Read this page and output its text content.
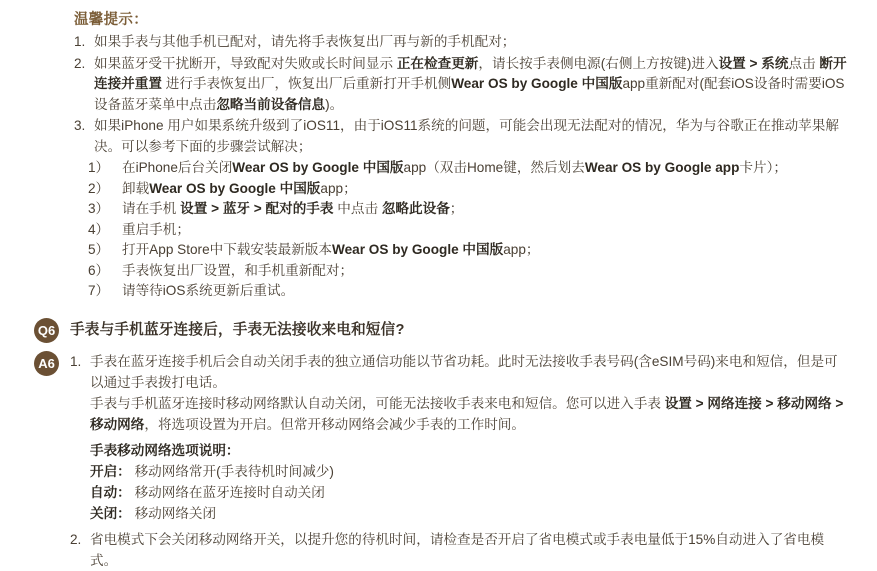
温馨提示：
1. 如果手表与其他手机已配对，请先将手表恢复出厂再与新的手机配对；
2. 如果蓝牙受干扰断开，导致配对失败或长时间显示 正在检查更新，请长按手表侧电源(右侧上方按键)进入设置 > 系统点击 断开连接并重置 进行手表恢复出厂，恢复出厂后重新打开手机侧Wear OS by Google 中国版app重新配对(配套iOS设备时需要iOS设备蓝牙菜单中点击忽略当前设备信息)。
3. 如果iPhone 用户如果系统升级到了iOS11，由于iOS11系统的问题，可能会出现无法配对的情况，华为与谷歌正在推动苹果解决。可以参考下面的步骤尝试解决；
1） 在iPhone后台关闭Wear OS by Google 中国版app（双击Home键，然后划去Wear OS by Google app卡片）；
2） 卸载Wear OS by Google 中国版app；
3） 请在手机 设置 > 蓝牙 > 配对的手表 中点击 忽略此设备；
4） 重启手机；
5） 打开App Store中下载安装最新版本Wear OS by Google 中国版app；
6） 手表恢复出厂设置，和手机重新配对；
7） 请等待iOS系统更新后重试。
Q6 手表与手机蓝牙连接后，手表无法接收来电和短信?
A6	1. 手表在蓝牙连接手机后会自动关闭手表的独立通信功能以节省功耗。此时无法接收手表号码(含eSIM号码)来电和短信，但是可以通过手表拨打电话。
手表与手机蓝牙连接时移动网络默认自动关闭，可能无法接收手表来电和短信。您可以进入手表 设置 > 网络连接 > 移动网络 > 移动网络，将选项设置为开启。但常开移动网络会减少手表的工作时间。
手表移动网络选项说明：
开启： 移动网络常开(手表待机时间减少)
自动： 移动网络在蓝牙连接时自动关闭
关闭： 移动网络关闭
2. 省电模式下会关闭移动网络开关，以提升您的待机时间，请检查是否开启了省电模式或手表电量低于15%自动进入了省电模式。
